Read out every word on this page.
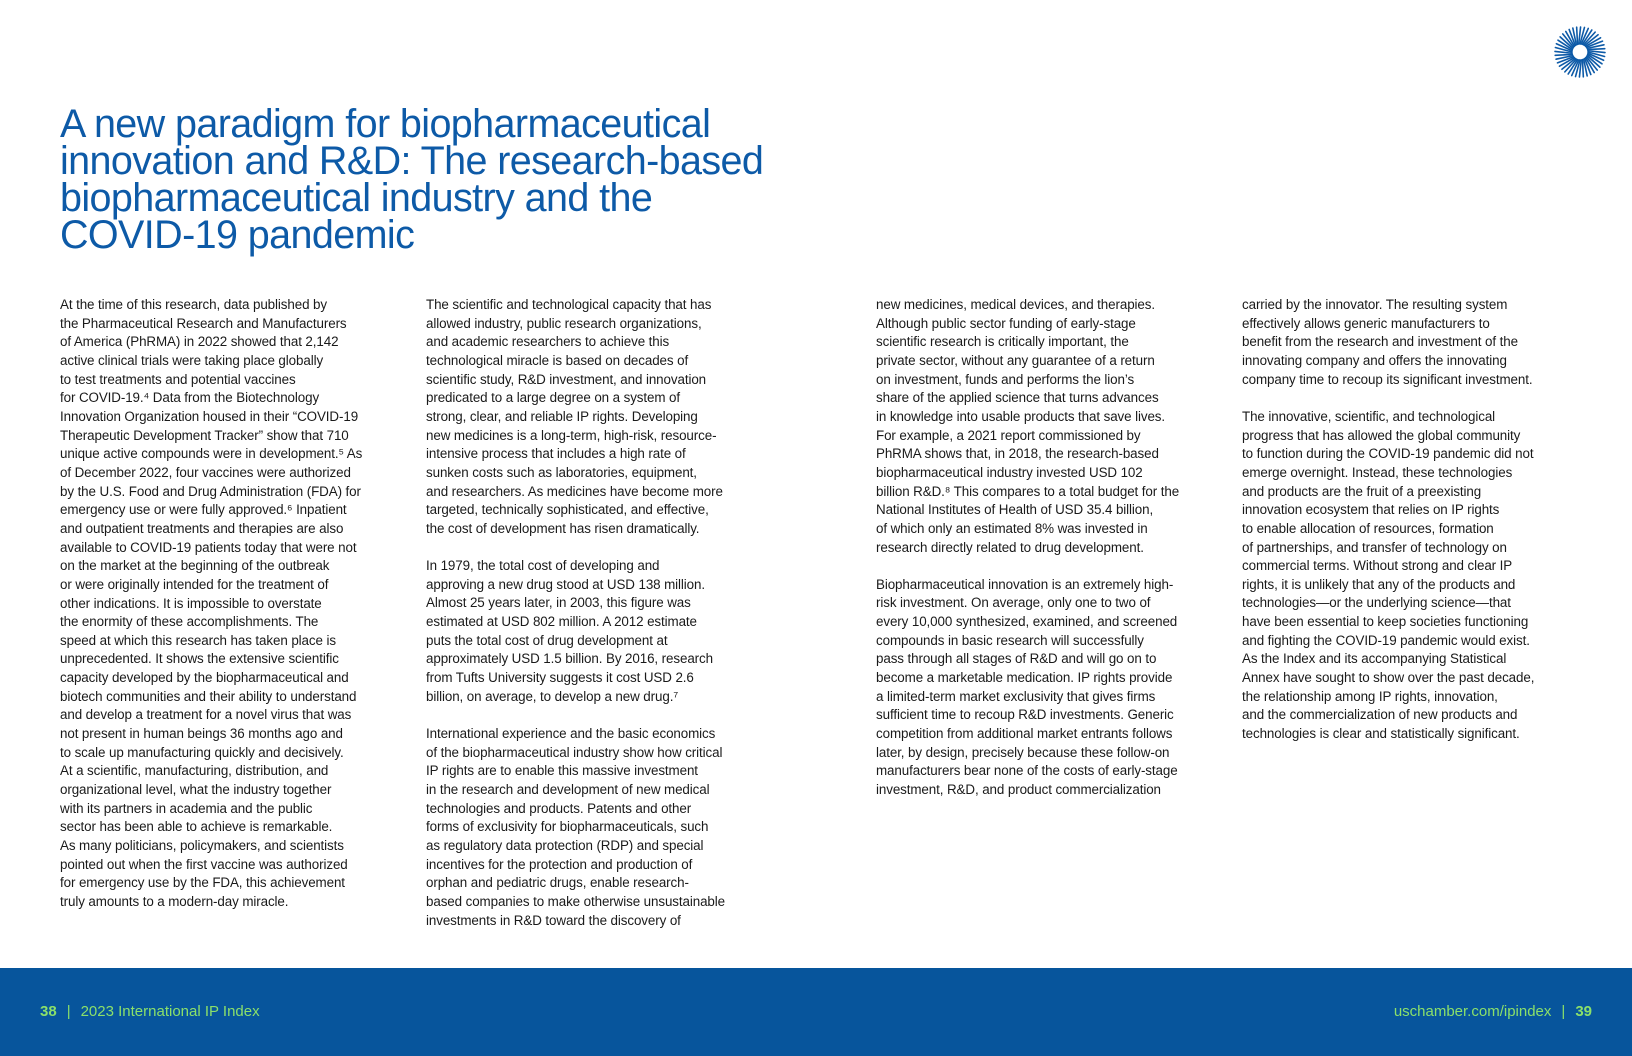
A new paradigm for biopharmaceutical
innovation and R&D: The research-based
biopharmaceutical industry and the
COVID-19 pandemic

At the time of this research, data published by
the Pharmaceutical Research and Manufacturers
of America (PhRMA) in 2022 showed that 2,142
active clinical trials were taking place globally
to test treatments and potential vaccines
for COVID-19.⁴ Data from the Biotechnology
Innovation Organization housed in their “COVID-19
Therapeutic Development Tracker” show that 710
unique active compounds were in development.⁵ As
of December 2022, four vaccines were authorized
by the U.S. Food and Drug Administration (FDA) for
emergency use or were fully approved.⁶ Inpatient
and outpatient treatments and therapies are also
available to COVID-19 patients today that were not
on the market at the beginning of the outbreak
or were originally intended for the treatment of
other indications. It is impossible to overstate
the enormity of these accomplishments. The
speed at which this research has taken place is
unprecedented. It shows the extensive scientific
capacity developed by the biopharmaceutical and
biotech communities and their ability to understand
and develop a treatment for a novel virus that was
not present in human beings 36 months ago and
to scale up manufacturing quickly and decisively.
At a scientific, manufacturing, distribution, and
organizational level, what the industry together
with its partners in academia and the public
sector has been able to achieve is remarkable.
As many politicians, policymakers, and scientists
pointed out when the first vaccine was authorized
for emergency use by the FDA, this achievement
truly amounts to a modern-day miracle.

The scientific and technological capacity that has
allowed industry, public research organizations,
and academic researchers to achieve this
technological miracle is based on decades of
scientific study, R&D investment, and innovation
predicated to a large degree on a system of
strong, clear, and reliable IP rights. Developing
new medicines is a long-term, high-risk, resource-
intensive process that includes a high rate of
sunken costs such as laboratories, equipment,
and researchers. As medicines have become more
targeted, technically sophisticated, and effective,
the cost of development has risen dramatically.

In 1979, the total cost of developing and
approving a new drug stood at USD 138 million.
Almost 25 years later, in 2003, this figure was
estimated at USD 802 million. A 2012 estimate
puts the total cost of drug development at
approximately USD 1.5 billion. By 2016, research
from Tufts University suggests it cost USD 2.6
billion, on average, to develop a new drug.⁷

International experience and the basic economics
of the biopharmaceutical industry show how critical
IP rights are to enable this massive investment
in the research and development of new medical
technologies and products. Patents and other
forms of exclusivity for biopharmaceuticals, such
as regulatory data protection (RDP) and special
incentives for the protection and production of
orphan and pediatric drugs, enable research-
based companies to make otherwise unsustainable
investments in R&D toward the discovery of

new medicines, medical devices, and therapies.
Although public sector funding of early-stage
scientific research is critically important, the
private sector, without any guarantee of a return
on investment, funds and performs the lion’s
share of the applied science that turns advances
in knowledge into usable products that save lives.
For example, a 2021 report commissioned by
PhRMA shows that, in 2018, the research-based
biopharmaceutical industry invested USD 102
billion R&D.⁸ This compares to a total budget for the
National Institutes of Health of USD 35.4 billion,
of which only an estimated 8% was invested in
research directly related to drug development.

Biopharmaceutical innovation is an extremely high-
risk investment. On average, only one to two of
every 10,000 synthesized, examined, and screened
compounds in basic research will successfully
pass through all stages of R&D and will go on to
become a marketable medication. IP rights provide
a limited-term market exclusivity that gives firms
sufficient time to recoup R&D investments. Generic
competition from additional market entrants follows
later, by design, precisely because these follow-on
manufacturers bear none of the costs of early-stage
investment, R&D, and product commercialization

carried by the innovator. The resulting system
effectively allows generic manufacturers to
benefit from the research and investment of the
innovating company and offers the innovating
company time to recoup its significant investment.

The innovative, scientific, and technological
progress that has allowed the global community
to function during the COVID-19 pandemic did not
emerge overnight. Instead, these technologies
and products are the fruit of a preexisting
innovation ecosystem that relies on IP rights
to enable allocation of resources, formation
of partnerships, and transfer of technology on
commercial terms. Without strong and clear IP
rights, it is unlikely that any of the products and
technologies—or the underlying science—that
have been essential to keep societies functioning
and fighting the COVID-19 pandemic would exist.
As the Index and its accompanying Statistical
Annex have sought to show over the past decade,
the relationship among IP rights, innovation,
and the commercialization of new products and
technologies is clear and statistically significant.

38 | 2023 International IP Index	uschamber.com/ipindex | 39
